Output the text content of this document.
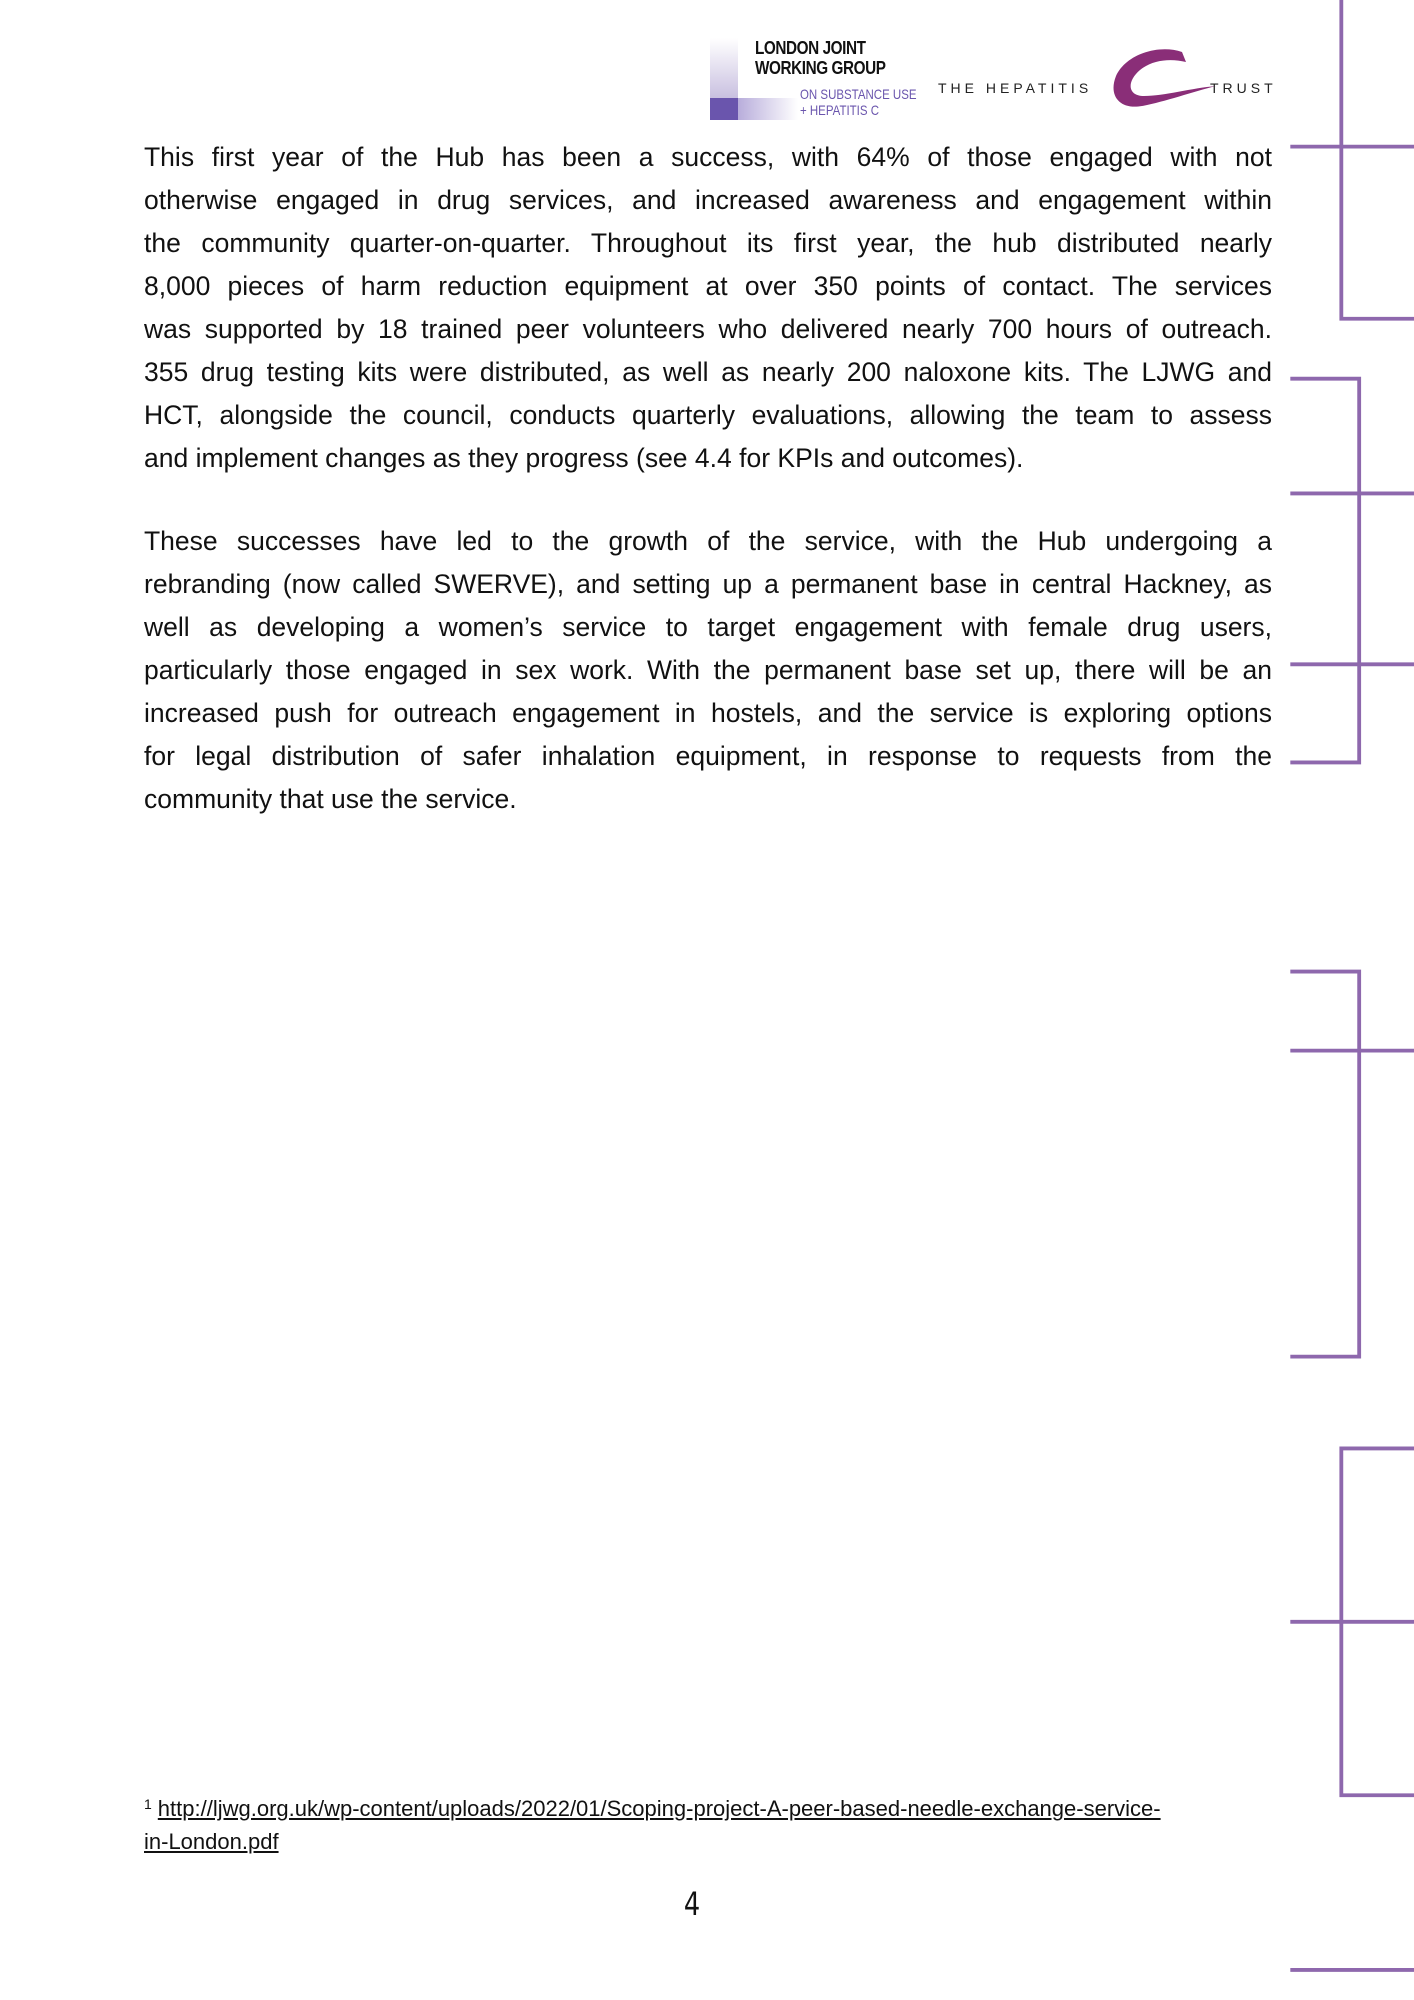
LONDON JOINT
WORKING GROUP
ON SUBSTANCE USE
+ HEPATITIS C
THE HEPATITIS	TRUST
This first year of the Hub has been a success, with 64% of those engaged with not
otherwise engaged in drug services, and increased awareness and engagement within
the community quarter-on-quarter. Throughout its first year, the hub distributed nearly
8,000 pieces of harm reduction equipment at over 350 points of contact. The services
was supported by 18 trained peer volunteers who delivered nearly 700 hours of outreach.
355 drug testing kits were distributed, as well as nearly 200 naloxone kits. The LJWG and
HCT, alongside the council, conducts quarterly evaluations, allowing the team to assess
and implement changes as they progress (see 4.4 for KPIs and outcomes).
These successes have led to the growth of the service, with the Hub undergoing a
rebranding (now called SWERVE), and setting up a permanent base in central Hackney, as
well as developing a women’s service to target engagement with female drug users,
particularly those engaged in sex work. With the permanent base set up, there will be an
increased push for outreach engagement in hostels, and the service is exploring options
for legal distribution of safer inhalation equipment, in response to requests from the
community that use the service.
$^1$ http://ljwg.org.uk/wp-content/uploads/2022/01/Scoping-project-A-peer-based-needle-exchange-service-
in-London.pdf
4
